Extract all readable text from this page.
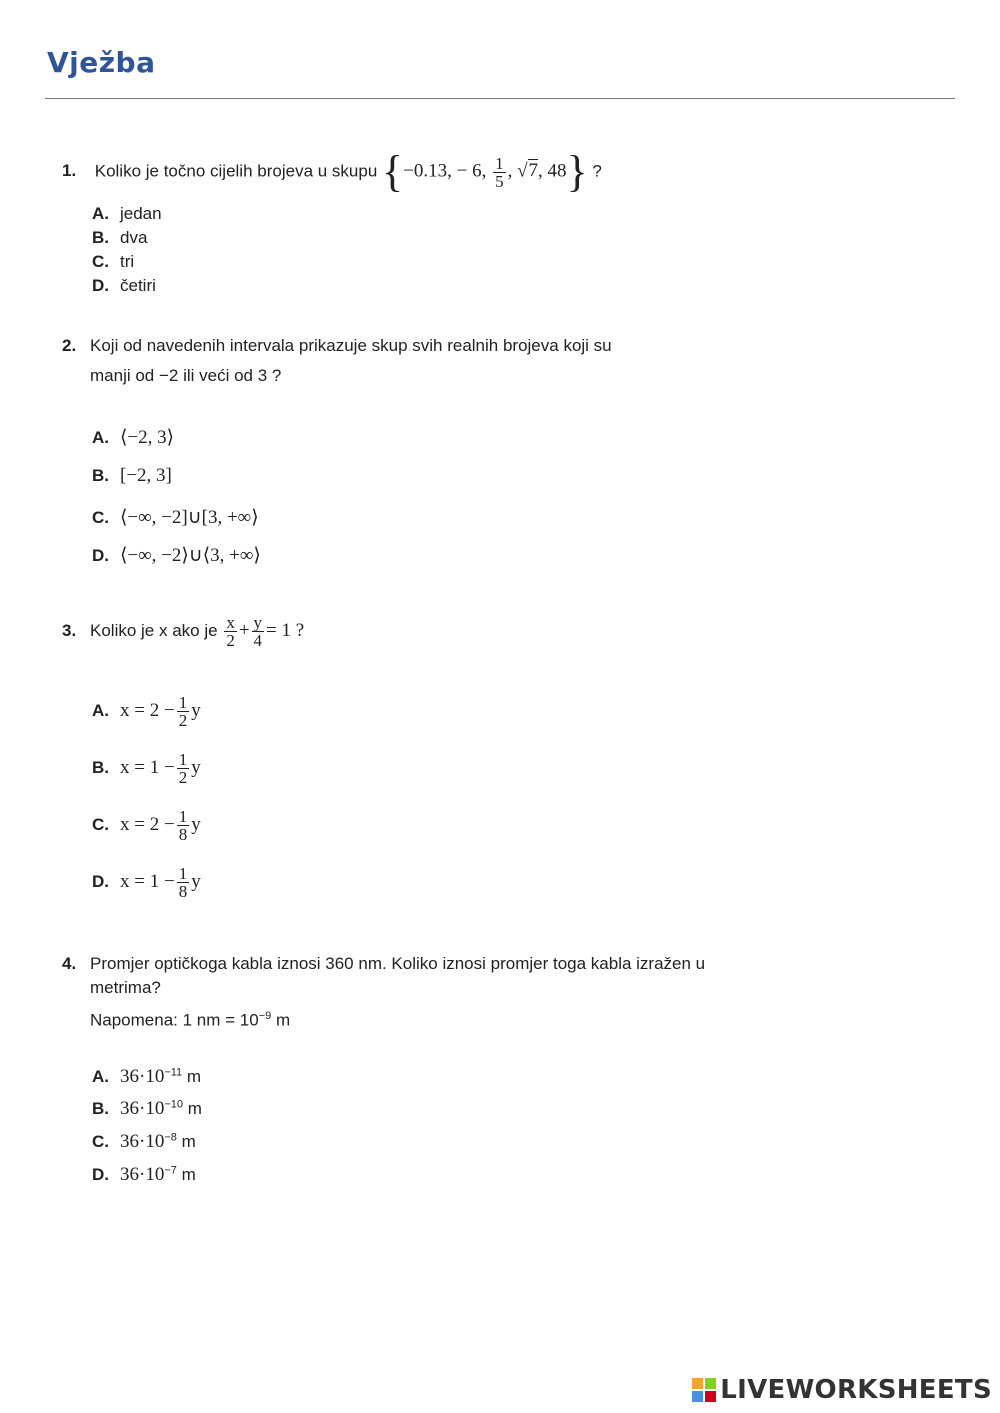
Vježba
1. Koliko je točno cijelih brojeva u skupu {−0.13, − 6, $\frac{1}{5}$ , √7, 48} ?
A. jedan
B. dva
C. tri
D. četiri
2. Koji od navedenih intervala prikazuje skup svih realnih brojeva koji su
manji od −2 ili veći od 3 ?
A. ⟨−2, 3⟩
B. [−2, 3]
C. ⟨−∞, −2]∪[3, +∞⟩
D. ⟨−∞, −2⟩∪⟨3, +∞⟩
3. Koliko je x ako je $\frac{x}{2} + \frac{y}{4} = 1$ ?
A. $x = 2 - \frac{1}{2}$ y
B. $x = 1 - \frac{1}{2}$ y
C. $x = 2 - \frac{1}{8}$ y
D. $x = 1 - \frac{1}{8}$ y
4. Promjer optičkoga kabla iznosi 360 nm. Koliko iznosi promjer toga kabla izražen u
metrima?
Napomena: 1 nm = $10^{-9}$ m
A. $36\cdot 10^{-11}$ m
B. $36\cdot 10^{-10}$ m
C. $36\cdot 10^{-8}$ m
D. $36\cdot 10^{-7}$ m
LIVEWORKSHEETS
